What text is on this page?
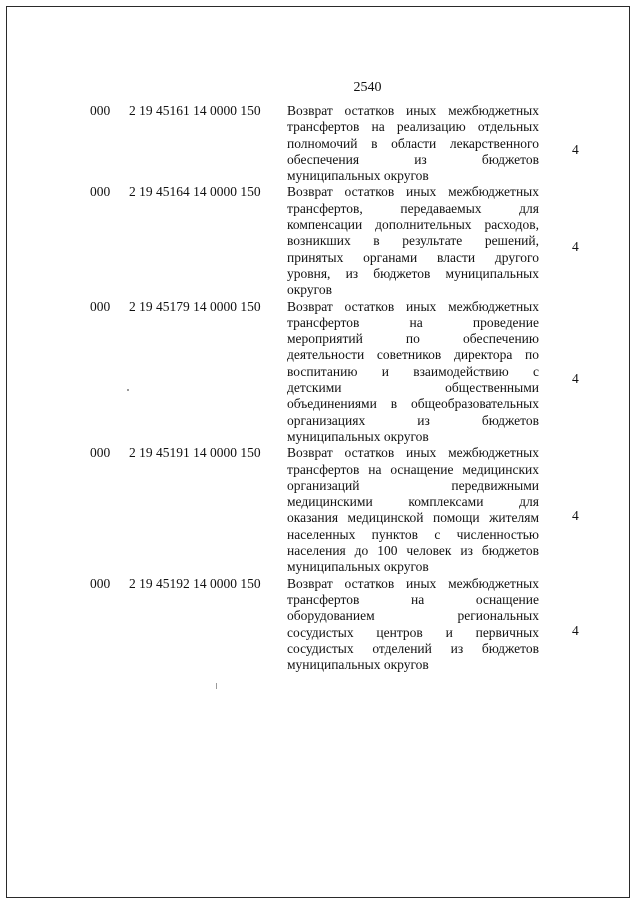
2540
000	2 19 45161 14 0000 150	Возврат остатков иных межбюджетных
трансфертов на реализацию отдельных
полномочий в области лекарственного
обеспечения из бюджетов
муниципальных округов
4
000	2 19 45164 14 0000 150	Возврат остатков иных межбюджетных
трансфертов, передаваемых для
компенсации дополнительных расходов,
возникших в результате решений,
принятых органами власти другого
уровня, из бюджетов муниципальных
округов
4
000	2 19 45179 14 0000 150	Возврат остатков иных межбюджетных
трансфертов на проведение
мероприятий по обеспечению
деятельности советников директора по
воспитанию и взаимодействию с
детскими общественными
объединениями в общеобразовательных
организациях из бюджетов
муниципальных округов
4
000	2 19 45191 14 0000 150	Возврат остатков иных межбюджетных
трансфертов на оснащение медицинских
организаций передвижными
медицинскими комплексами для
оказания медицинской помощи жителям
населенных пунктов с численностью
населения до 100 человек из бюджетов
муниципальных округов
4
000	2 19 45192 14 0000 150	Возврат остатков иных межбюджетных
трансфертов на оснащение
оборудованием региональных
сосудистых центров и первичных
сосудистых отделений из бюджетов
муниципальных округов
4
